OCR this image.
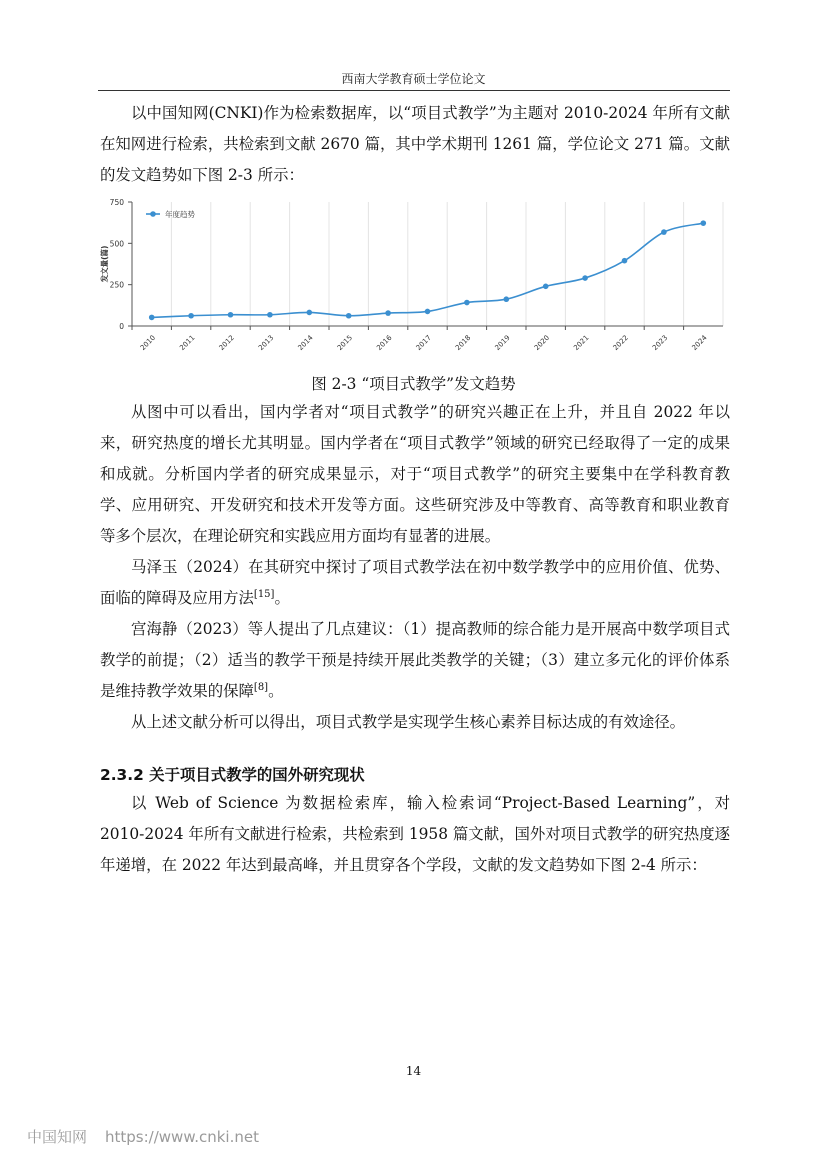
西南大学教育硕士学位论文

以中国知网(CNKI)作为检索数据库，以“项目式教学”为主题对 2010-2024 年所有文献在知网进行检索，共检索到文献 2670 篇，其中学术期刊 1261 篇，学位论文 271 篇。文献的发文趋势如下图 2-3 所示：

0
250
500
750
发文量(篇)
2010	2011	2012	2013	2014	2015	2016	2017	2018	2019	2020	2021	2022	2023	2024
年度趋势
图 2-3 “项目式教学”发文趋势

从图中可以看出，国内学者对“项目式教学”的研究兴趣正在上升，并且自 2022 年以来，研究热度的增长尤其明显。国内学者在“项目式教学”领域的研究已经取得了一定的成果和成就。分析国内学者的研究成果显示，对于“项目式教学”的研究主要集中在学科教育教学、应用研究、开发研究和技术开发等方面。这些研究涉及中等教育、高等教育和职业教育等多个层次，在理论研究和实践应用方面均有显著的进展。

马泽玉（2024）在其研究中探讨了项目式教学法在初中数学教学中的应用价值、优势、面临的障碍及应用方法[15]。

宫海静（2023）等人提出了几点建议：（1）提高教师的综合能力是开展高中数学项目式教学的前提；（2）适当的教学干预是持续开展此类教学的关键；（3）建立多元化的评价体系是维持教学效果的保障[8]。

从上述文献分析可以得出，项目式教学是实现学生核心素养目标达成的有效途径。

2.3.2 关于项目式教学的国外研究现状

以 Web of Science 为数据检索库，输入检索词“Project-Based Learning”，对 2010-2024 年所有文献进行检索，共检索到 1958 篇文献，国外对项目式教学的研究热度逐年递增，在 2022 年达到最高峰，并且贯穿各个学段，文献的发文趋势如下图 2-4 所示：

14
中国知网 https://www.cnki.net
